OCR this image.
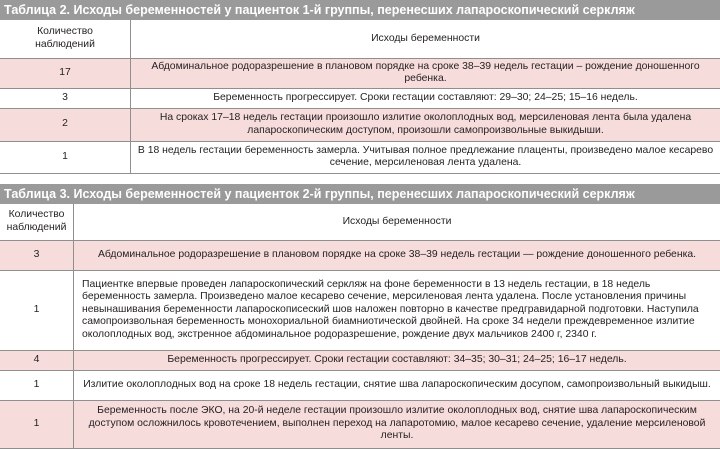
Таблица 2. Исходы беременностей у пациенток 1-й группы, перенесших лапароскопический серкляж
Количество наблюдений	Исходы беременности
17	Абдоминальное родоразрешение в плановом порядке на сроке 38–39 недель гестации – рождение доношенного ребенка.
3	Беременность прогрессирует. Сроки гестации составляют: 29–30; 24–25; 15–16 недель.
2	На сроках 17–18 недель гестации произошло излитие околоплодных вод, мерсиленовая лента была удалена лапароскопическим доступом, произошли самопроизвольные выкидыши.
1	В 18 недель гестации беременность замерла. Учитывая полное предлежание плаценты, произведено малое кесарево сечение, мерсиленовая лента удалена.
Таблица 3. Исходы беременностей у пациенток 2-й группы, перенесших лапароскопический серкляж
Количество наблюдений	Исходы беременности
3	Абдоминальное родоразрешение в плановом порядке на сроке 38–39 недель гестации — рождение доношенного ребенка.
1	Пациентке впервые проведен лапароскопический серкляж на фоне беременности в 13 недель гестации, в 18 недель беременность замерла. Произведено малое кесарево сечение, мерсиленовая лента удалена. После установления причины невынашивания беременности лапароскописеский шов наложен повторно в качестве предгравидарной подготовки. Наступила самопроизвольная беременность монохориальной биамниотической двойней. На сроке 34 недели преждевременное излитие околоплодных вод, экстренное абдоминальное родоразрешение, рождение двух мальчиков 2400 г, 2340 г.
4	Беременность прогрессирует. Сроки гестации составляют: 34–35; 30–31; 24–25; 16–17 недель.
1	Излитие околоплодных вод на сроке 18 недель гестации, снятие шва лапароскопическим досупом, самопроизвольный выкидыш.
1	Беременность после ЭКО, на 20-й неделе гестации произошло излитие околоплодных вод, снятие шва лапароскопическим доступом осложнилось кровотечением, выполнен переход на лапаротомию, малое кесарево сечение, удаление мерсиленовой ленты.
